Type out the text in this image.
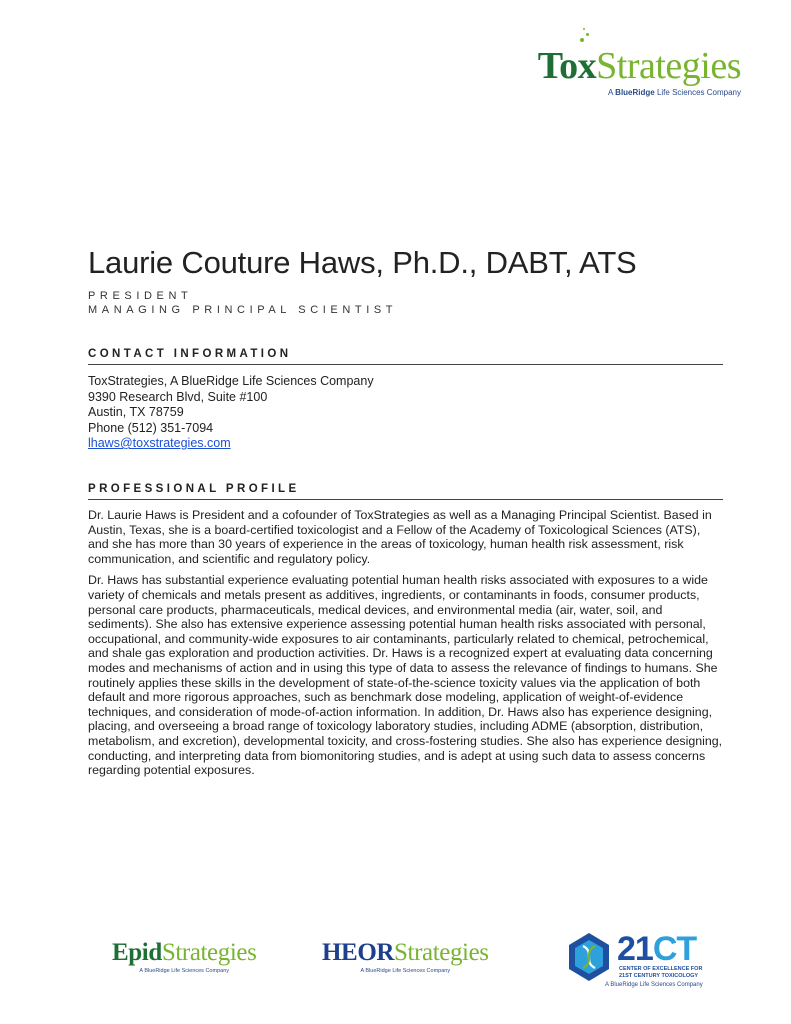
ToxStrategies
A BlueRidge Life Sciences Company
Laurie Couture Haws, Ph.D., DABT, ATS
PRESIDENT
MANAGING PRINCIPAL SCIENTIST
CONTACT INFORMATION
ToxStrategies, A BlueRidge Life Sciences Company
9390 Research Blvd, Suite #100
Austin, TX 78759
Phone (512) 351-7094
lhaws@toxstrategies.com
PROFESSIONAL PROFILE

Dr. Laurie Haws is President and a cofounder of ToxStrategies as well as a Managing Principal Scientist. Based in Austin, Texas, she is a board-certified toxicologist and a Fellow of the Academy of Toxicological Sciences (ATS), and she has more than 30 years of experience in the areas of toxicology, human health risk assessment, risk communication, and scientific and regulatory policy.

Dr. Haws has substantial experience evaluating potential human health risks associated with exposures to a wide variety of chemicals and metals present as additives, ingredients, or contaminants in foods, consumer products, personal care products, pharmaceuticals, medical devices, and environmental media (air, water, soil, and sediments). She also has extensive experience assessing potential human health risks associated with personal, occupational, and community-wide exposures to air contaminants, particularly related to chemical, petrochemical, and shale gas exploration and production activities. Dr. Haws is a recognized expert at evaluating data concerning modes and mechanisms of action and in using this type of data to assess the relevance of findings to humans. She routinely applies these skills in the development of state-of-the-science toxicity values via the application of both default and more rigorous approaches, such as benchmark dose modeling, application of weight-of-evidence techniques, and consideration of mode-of-action information. In addition, Dr. Haws also has experience designing, placing, and overseeing a broad range of toxicology laboratory studies, including ADME (absorption, distribution, metabolism, and excretion), developmental toxicity, and cross-fostering studies. She also has experience designing, conducting, and interpreting data from biomonitoring studies, and is adept at using such data to assess concerns regarding potential exposures.

EpidStrategies
A BlueRidge Life Sciences Company
HEORStrategies
A BlueRidge Life Sciences Company
21CT
CENTER OF EXCELLENCE FOR
21ST CENTURY TOXICOLOGY
A BlueRidge Life Sciences Company
